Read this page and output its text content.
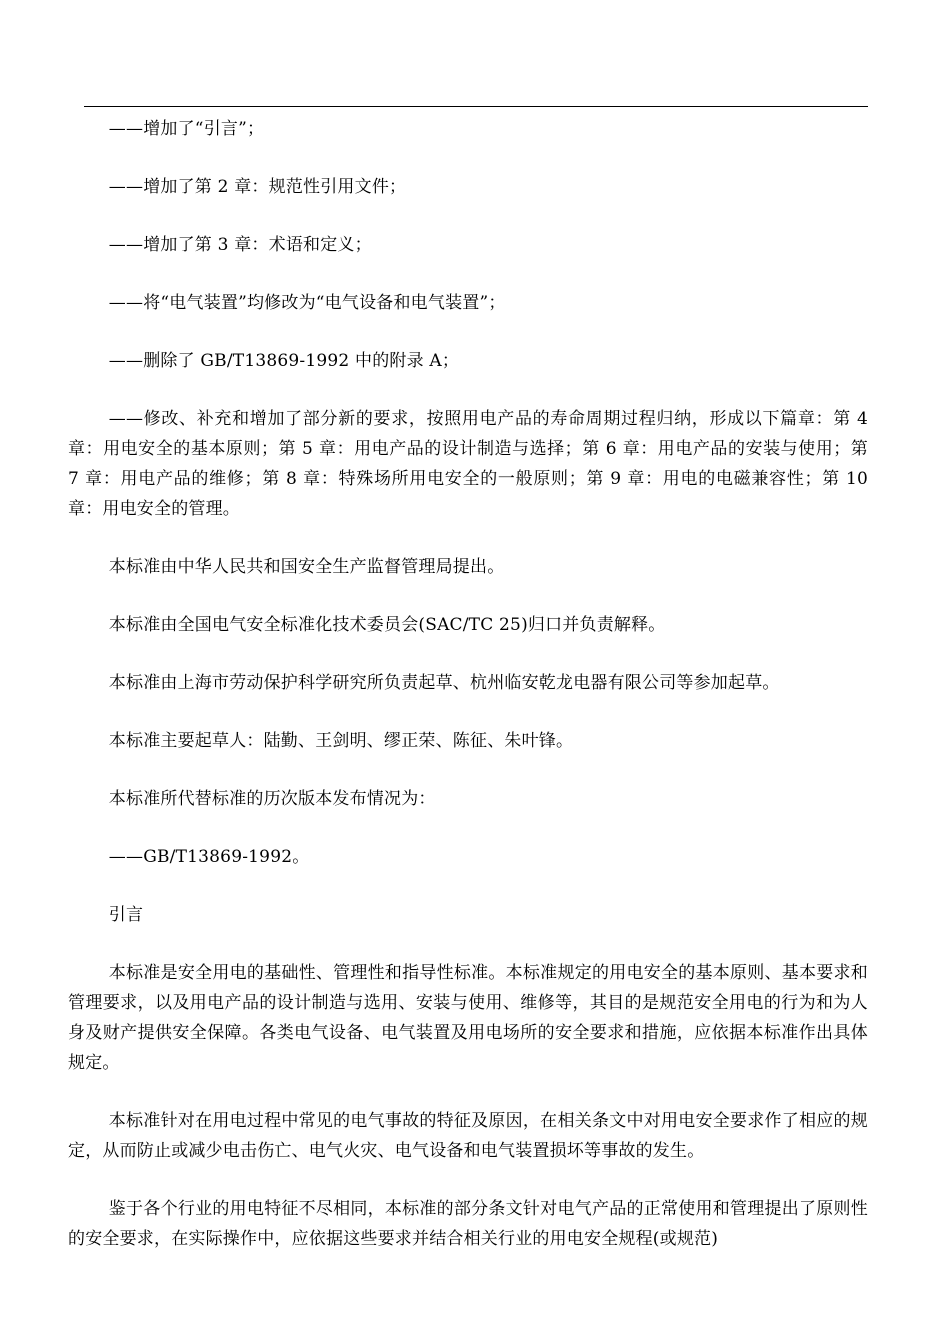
——增加了“引言”；

——增加了第 2 章：规范性引用文件；

——增加了第 3 章：术语和定义；

——将“电气装置”均修改为“电气设备和电气装置”；

——删除了 GB/T13869-1992 中的附录 A；

——修改、补充和增加了部分新的要求，按照用电产品的寿命周期过程归纳，形成以下篇章：第 4 章：用电安全的基本原则；第 5 章：用电产品的设计制造与选择；第 6 章：用电产品的安装与使用；第 7 章：用电产品的维修；第 8 章：特殊场所用电安全的一般原则；第 9 章：用电的电磁兼容性；第 10 章：用电安全的管理。

本标准由中华人民共和国安全生产监督管理局提出。

本标准由全国电气安全标准化技术委员会(SAC/TC 25)归口并负责解释。

本标准由上海市劳动保护科学研究所负责起草、杭州临安乾龙电器有限公司等参加起草。

本标准主要起草人：陆勤、王剑明、缪正荣、陈征、朱叶锋。

本标准所代替标准的历次版本发布情况为：

——GB/T13869-1992。

引言

本标准是安全用电的基础性、管理性和指导性标准。本标准规定的用电安全的基本原则、基本要求和管理要求，以及用电产品的设计制造与选用、安装与使用、维修等，其目的是规范安全用电的行为和为人身及财产提供安全保障。各类电气设备、电气装置及用电场所的安全要求和措施，应依据本标准作出具体规定。

本标准针对在用电过程中常见的电气事故的特征及原因，在相关条文中对用电安全要求作了相应的规定，从而防止或减少电击伤亡、电气火灾、电气设备和电气装置损坏等事故的发生。

鉴于各个行业的用电特征不尽相同，本标准的部分条文针对电气产品的正常使用和管理提出了原则性的安全要求，在实际操作中，应依据这些要求并结合相关行业的用电安全规程(或规范)
